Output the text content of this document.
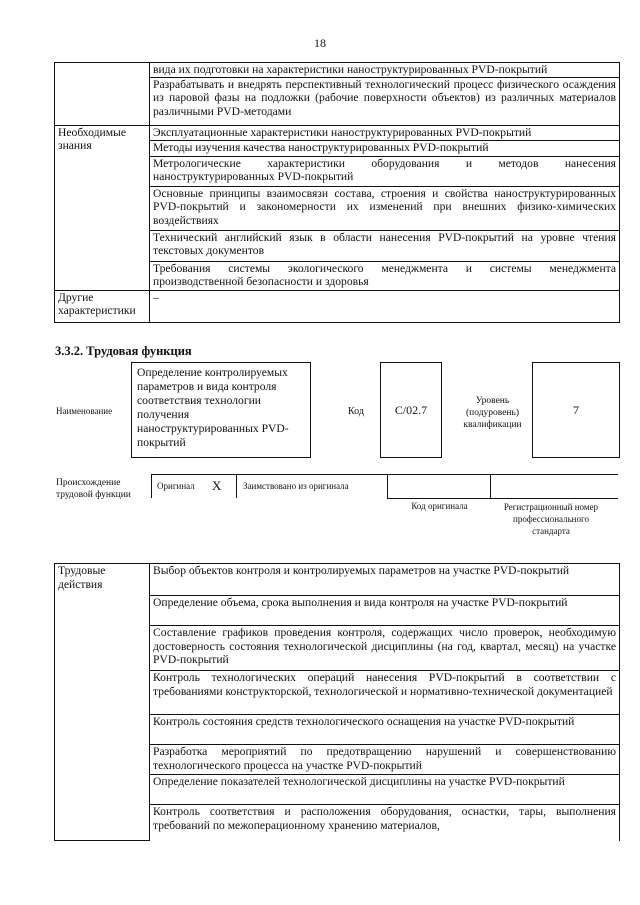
18
	вида их подготовки на характеристики наноструктурированных PVD-покрытий
	Разрабатывать и внедрять перспективный технологический процесс физического осаждения из паровой фазы на подложки (рабочие поверхности объектов) из различных материалов различными PVD-методами
Необходимые знания	Эксплуатационные характеристики наноструктурированных PVD-покрытий
	Методы изучения качества наноструктурированных PVD-покрытий
	Метрологические характеристики оборудования и методов нанесения наноструктурированных PVD-покрытий
	Основные принципы взаимосвязи состава, строения и свойства наноструктурированных PVD-покрытий и закономерности их изменений при внешних физико-химических воздействиях
	Технический английский язык в области нанесения PVD-покрытий на уровне чтения текстовых документов
	Требования системы экологического менеджмента и системы менеджмента производственной безопасности и здоровья
Другие характеристики	–
3.3.2. Трудовая функция
Наименование
Определение контролируемых параметров и вида контроля соответствия технологии получения наноструктурированных PVD-покрытий
Код	С/02.7
Уровень (подуровень) квалификации
7
Происхождение трудовой функции
Оригинал X Заимствовано из оригинала
Код оригинала	Регистрационный номер профессионального стандарта
Трудовые действия	Выбор объектов контроля и контролируемых параметров на участке PVD-покрытий
Определение объема, срока выполнения и вида контроля на участке PVD-покрытий
Составление графиков проведения контроля, содержащих число проверок, необходимую достоверность состояния технологической дисциплины (на год, квартал, месяц) на участке PVD-покрытий
Контроль технологических операций нанесения PVD-покрытий в соответствии с требованиями конструкторской, технологической и нормативно-технической документацией
Контроль состояния средств технологического оснащения на участке PVD-покрытий
Разработка мероприятий по предотвращению нарушений и совершенствованию технологического процесса на участке PVD-покрытий
Определение показателей технологической дисциплины на участке PVD-покрытий
Контроль соответствия и расположения оборудования, оснастки, тары, выполнения требований по межоперационному хранению материалов,
